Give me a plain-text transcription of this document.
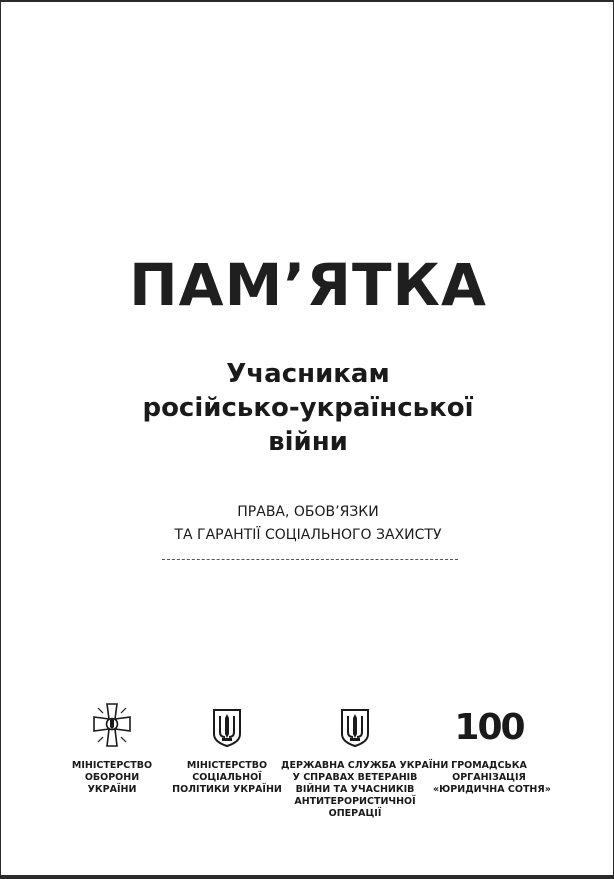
ПАМ’ЯТКА
Учасникам
російсько-української
війни
ПРАВА, ОБОВ’ЯЗКИ
ТА ГАРАНТІЇ СОЦІАЛЬНОГО ЗАХИСТУ
МІНІСТЕРСТВО
ОБОРОНИ
УКРАЇНИ
МІНІСТЕРСТВО
СОЦІАЛЬНОЇ
ПОЛІТИКИ УКРАЇНИ
ДЕРЖАВНА СЛУЖБА УКРАЇНИ
У СПРАВАХ ВЕТЕРАНІВ
ВІЙНИ ТА УЧАСНИКІВ
АНТИТЕРОРИСТИЧНОЇ
ОПЕРАЦІЇ
100
ГРОМАДСЬКА
ОРГАНІЗАЦІЯ
«ЮРИДИЧНА СОТНЯ»
